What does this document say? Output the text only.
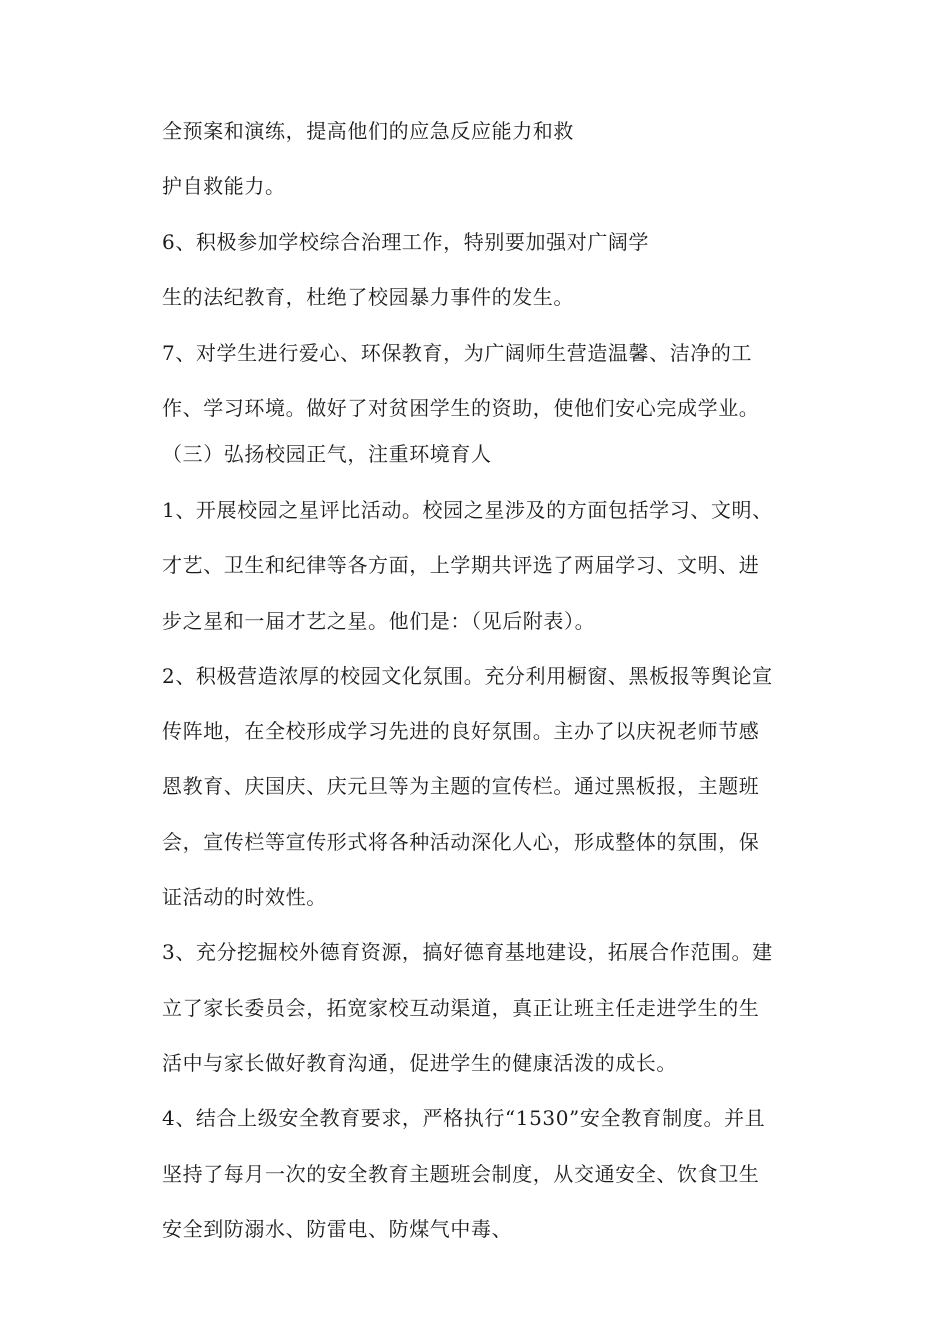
全预案和演练，提高他们的应急反应能力和救
护自救能力。
6、积极参加学校综合治理工作，特别要加强对广阔学
生的法纪教育，杜绝了校园暴力事件的发生。
7、对学生进行爱心、环保教育，为广阔师生营造温馨、洁净的工
作、学习环境。做好了对贫困学生的资助，使他们安心完成学业。
（三）弘扬校园正气，注重环境育人
1、开展校园之星评比活动。校园之星涉及的方面包括学习、文明、
才艺、卫生和纪律等各方面，上学期共评选了两届学习、文明、进
步之星和一届才艺之星。他们是：（见后附表）。
2、积极营造浓厚的校园文化氛围。充分利用橱窗、黑板报等舆论宣
传阵地，在全校形成学习先进的良好氛围。主办了以庆祝老师节感
恩教育、庆国庆、庆元旦等为主题的宣传栏。通过黑板报，主题班
会，宣传栏等宣传形式将各种活动深化人心，形成整体的氛围，保
证活动的时效性。
3、充分挖掘校外德育资源，搞好德育基地建设，拓展合作范围。建
立了家长委员会，拓宽家校互动渠道，真正让班主任走进学生的生
活中与家长做好教育沟通，促进学生的健康活泼的成长。
4、结合上级安全教育要求，严格执行“1530”安全教育制度。并且
坚持了每月一次的安全教育主题班会制度，从交通安全、饮食卫生
安全到防溺水、防雷电、防煤气中毒、
